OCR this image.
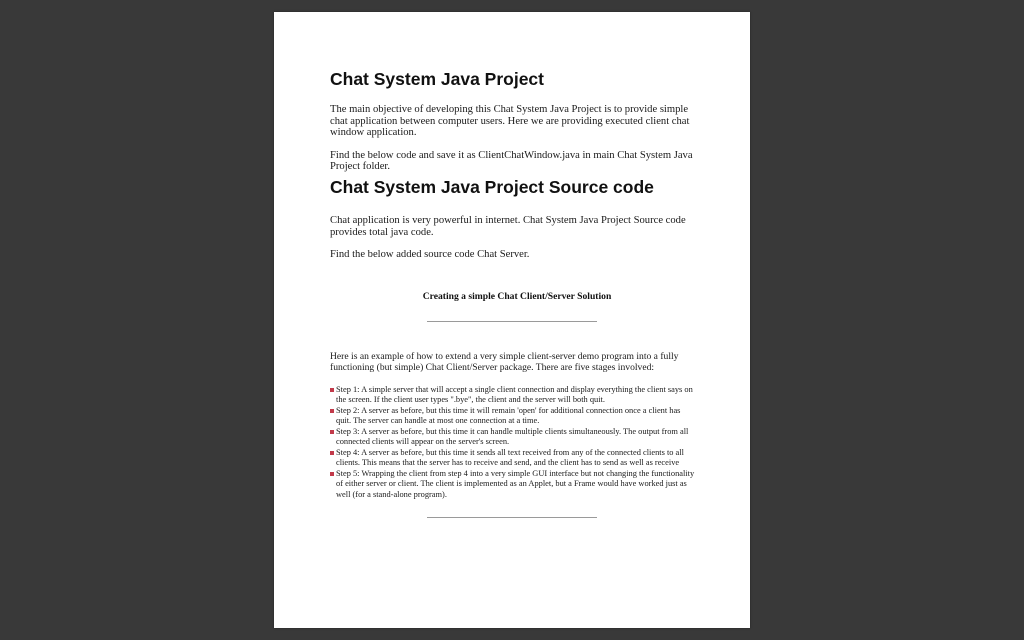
Chat System Java Project

The main objective of developing this Chat System Java Project is to provide simple chat application between computer users. Here we are providing executed client chat window application.

Find the below code and save it as ClientChatWindow.java in main Chat System Java Project folder.

Chat System Java Project Source code

Chat application is very powerful in internet. Chat System Java Project Source code provides total java code.

Find the below added source code Chat Server.

Creating a simple Chat Client/Server Solution

Here is an example of how to extend a very simple client-server demo program into a fully functioning (but simple) Chat Client/Server package. There are five stages involved:

Step 1: A simple server that will accept a single client connection and display everything the client says on the screen. If the client user types ".bye", the client and the server will both quit.
Step 2: A server as before, but this time it will remain 'open' for additional connection once a client has quit. The server can handle at most one connection at a time.
Step 3: A server as before, but this time it can handle multiple clients simultaneously. The output from all connected clients will appear on the server's screen.
Step 4: A server as before, but this time it sends all text received from any of the connected clients to all clients. This means that the server has to receive and send, and the client has to send as well as receive
Step 5: Wrapping the client from step 4 into a very simple GUI interface but not changing the functionality of either server or client. The client is implemented as an Applet, but a Frame would have worked just as well (for a stand-alone program).
